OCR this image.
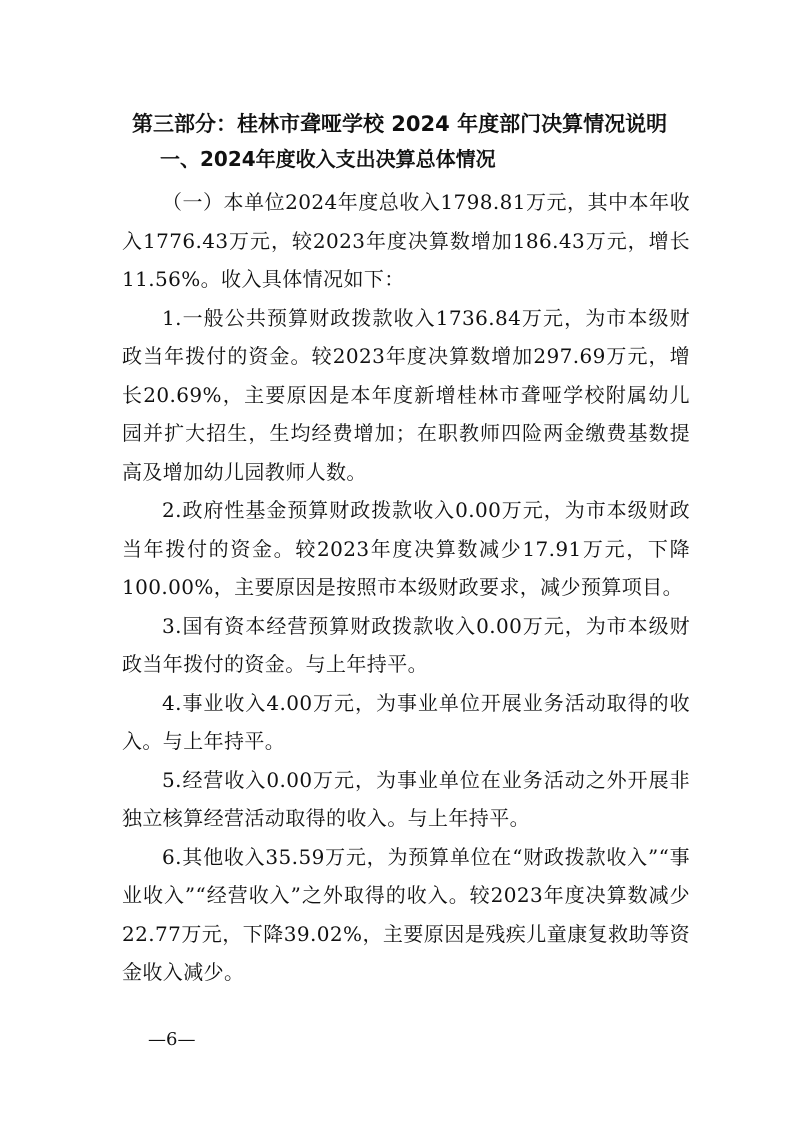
第三部分：桂林市聋哑学校 2024 年度部门决算情况说明
一、2024年度收入支出决算总体情况

（一）本单位2024年度总收入1798.81万元，其中本年收入1776.43万元，较2023年度决算数增加186.43万元，增长11.56%。收入具体情况如下：

1.一般公共预算财政拨款收入1736.84万元，为市本级财政当年拨付的资金。较2023年度决算数增加297.69万元，增长20.69%，主要原因是本年度新增桂林市聋哑学校附属幼儿园并扩大招生，生均经费增加；在职教师四险两金缴费基数提高及增加幼儿园教师人数。

2.政府性基金预算财政拨款收入0.00万元，为市本级财政当年拨付的资金。较2023年度决算数减少17.91万元，下降100.00%，主要原因是按照市本级财政要求，减少预算项目。

3.国有资本经营预算财政拨款收入0.00万元，为市本级财政当年拨付的资金。与上年持平。

4.事业收入4.00万元，为事业单位开展业务活动取得的收入。与上年持平。

5.经营收入0.00万元，为事业单位在业务活动之外开展非独立核算经营活动取得的收入。与上年持平。

6.其他收入35.59万元，为预算单位在“财政拨款收入”“事业收入”“经营收入”之外取得的收入。较2023年度决算数减少22.77万元，下降39.02%，主要原因是残疾儿童康复救助等资金收入减少。

—6—
